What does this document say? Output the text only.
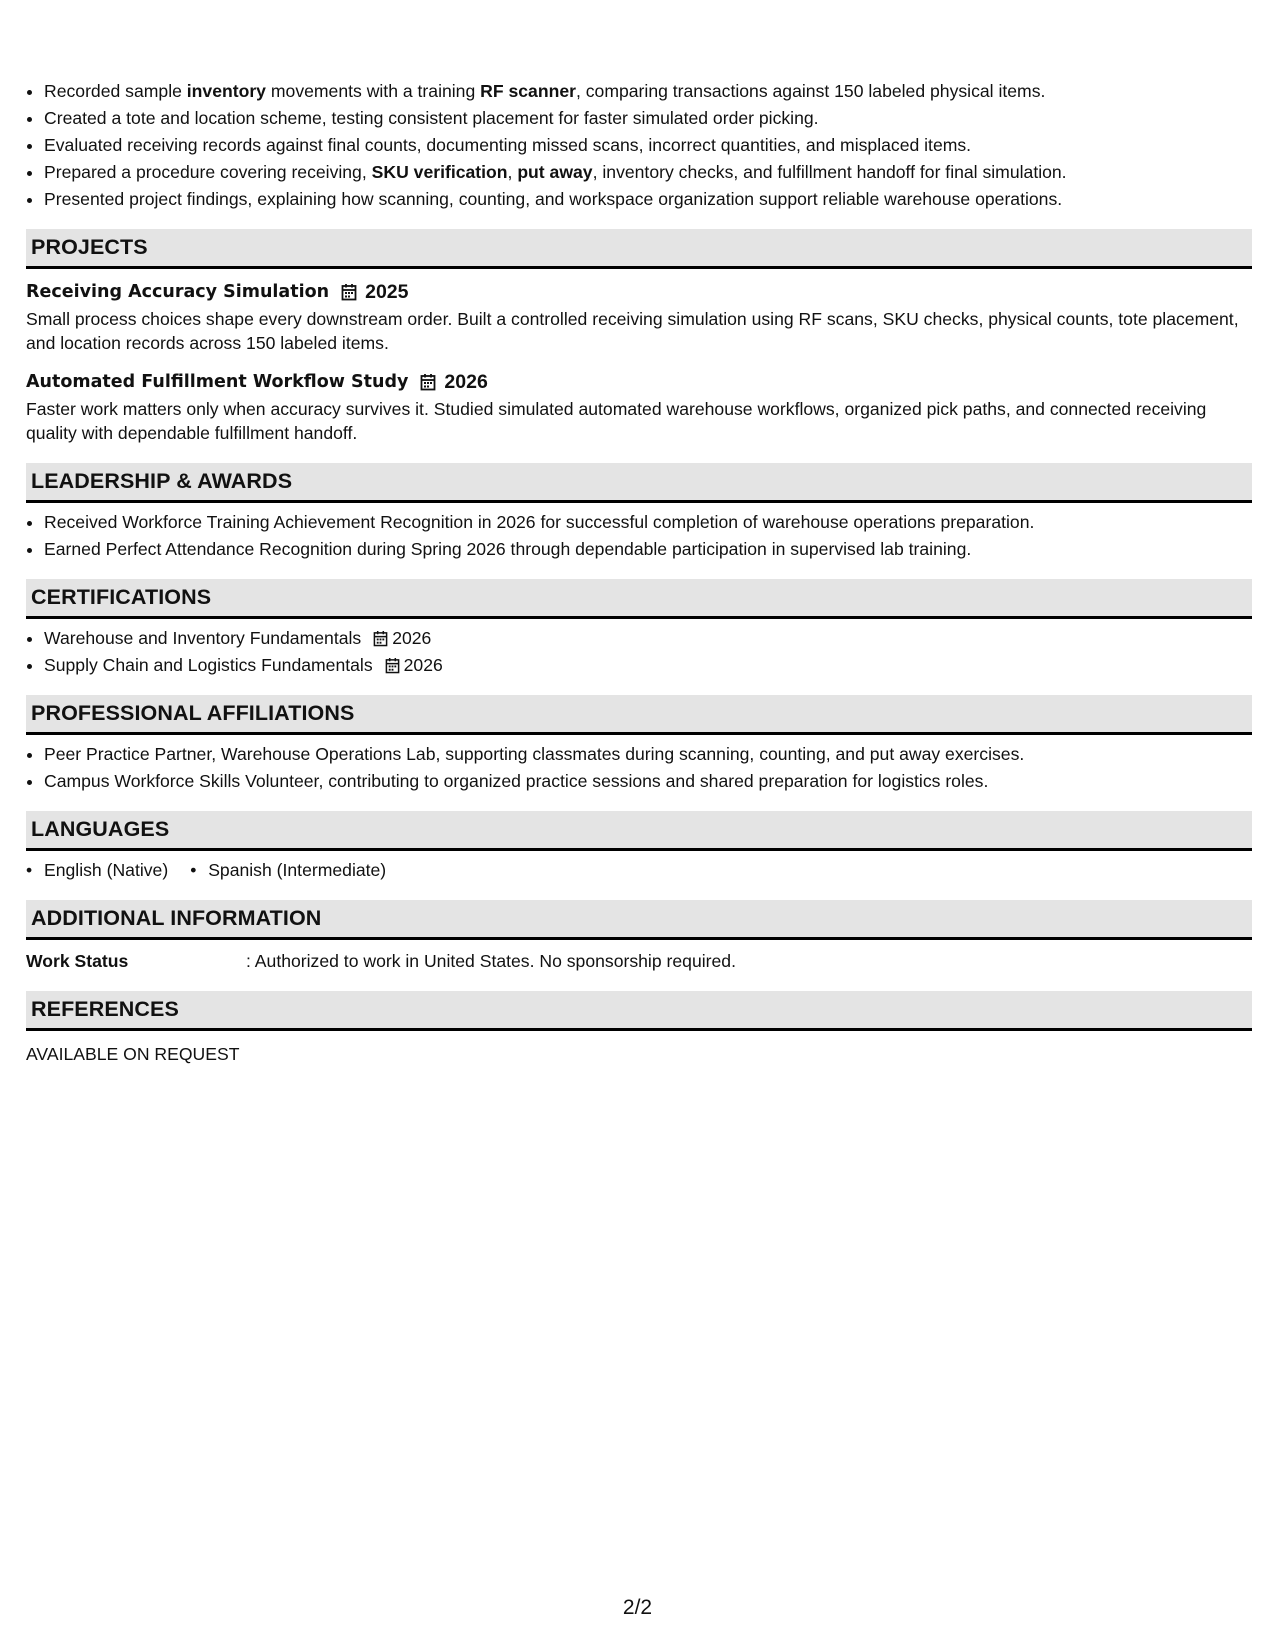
• Recorded sample inventory movements with a training RF scanner, comparing transactions against 150 labeled physical items.
• Created a tote and location scheme, testing consistent placement for faster simulated order picking.
• Evaluated receiving records against final counts, documenting missed scans, incorrect quantities, and misplaced items.
• Prepared a procedure covering receiving, SKU verification, put away, inventory checks, and fulfillment handoff for final simulation.
• Presented project findings, explaining how scanning, counting, and workspace organization support reliable warehouse operations.
PROJECTS
Receiving Accuracy Simulation 2025
Small process choices shape every downstream order. Built a controlled receiving simulation using RF scans, SKU checks, physical counts, tote placement, and location records across 150 labeled items.
Automated Fulfillment Workflow Study 2026
Faster work matters only when accuracy survives it. Studied simulated automated warehouse workflows, organized pick paths, and connected receiving quality with dependable fulfillment handoff.
LEADERSHIP & AWARDS
• Received Workforce Training Achievement Recognition in 2026 for successful completion of warehouse operations preparation.
• Earned Perfect Attendance Recognition during Spring 2026 through dependable participation in supervised lab training.
CERTIFICATIONS
• Warehouse and Inventory Fundamentals 2026
• Supply Chain and Logistics Fundamentals 2026
PROFESSIONAL AFFILIATIONS
• Peer Practice Partner, Warehouse Operations Lab, supporting classmates during scanning, counting, and put away exercises.
• Campus Workforce Skills Volunteer, contributing to organized practice sessions and shared preparation for logistics roles.
LANGUAGES
• English (Native)
•	Spanish (Intermediate)
ADDITIONAL INFORMATION
Work Status	: Authorized to work in United States. No sponsorship required.
REFERENCES
AVAILABLE ON REQUEST
2/2
